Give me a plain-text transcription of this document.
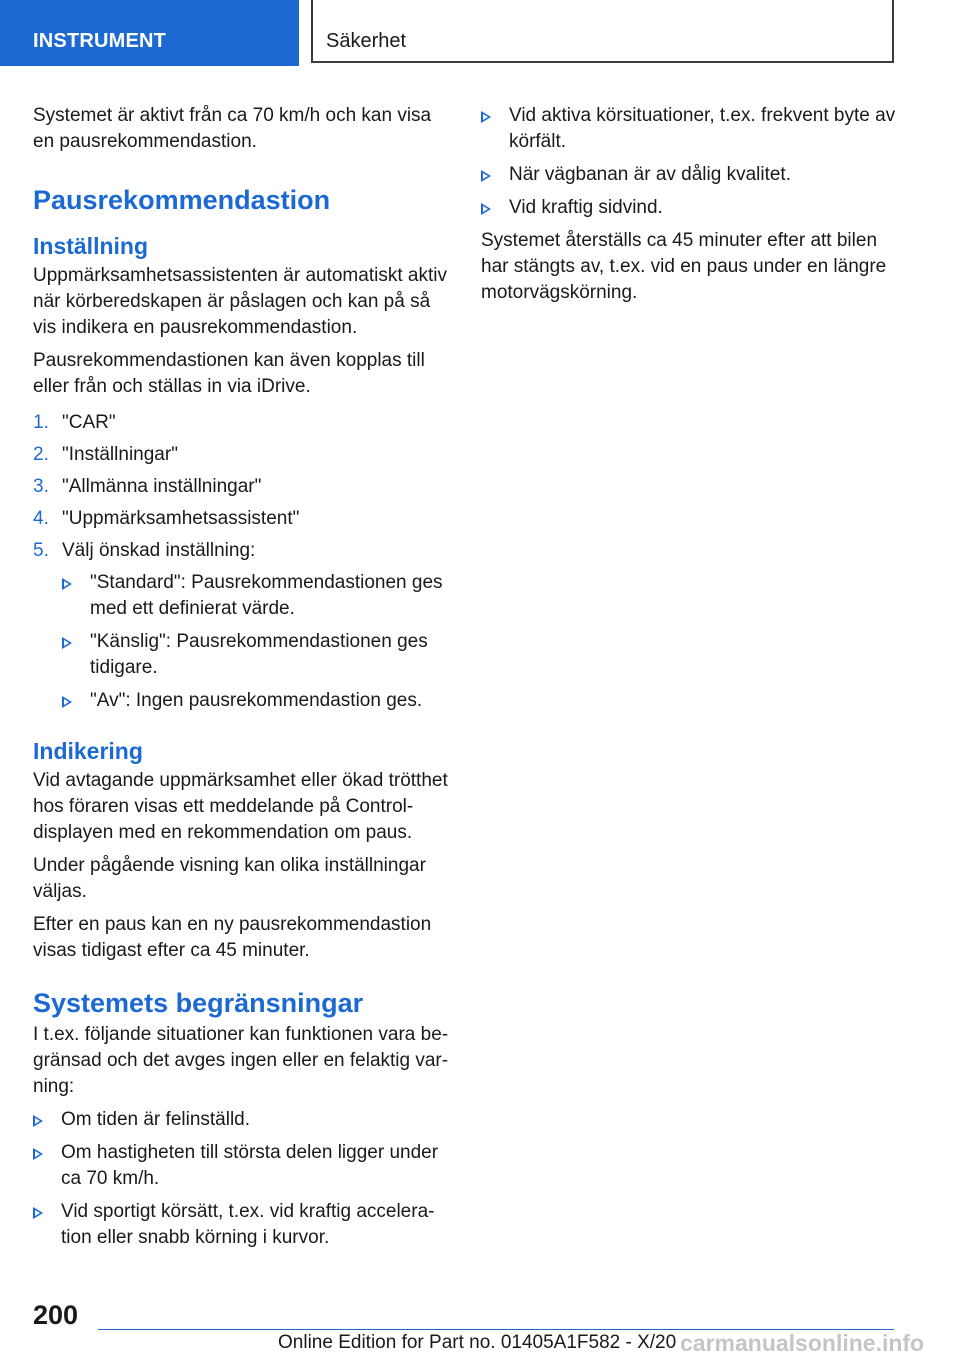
INSTRUMENT	Säkerhet

Systemet är aktivt från ca 70 km/h och kan visa en pausrekommendastion.

Pausrekommendastion
Inställning

Uppmärksamhetsassistenten är automatiskt aktiv när körberedskapen är påslagen och kan på så vis indikera en pausrekommendastion.

Pausrekommendastionen kan även kopplas till eller från och ställas in via iDrive.

1. "CAR"
2. "Inställningar"
3. "Allmänna inställningar"
4. "Uppmärksamhetsassistent"
5. Välj önskad inställning:
"Standard": Pausrekommendastionen ges med ett definierat värde.
"Känslig": Pausrekommendastionen ges tidigare.
"Av": Ingen pausrekommendastion ges.
Indikering

Vid avtagande uppmärksamhet eller ökad trötthet hos föraren visas ett meddelande på Control-displayen med en rekommendation om paus.

Under pågående visning kan olika inställningar väljas.

Efter en paus kan en ny pausrekommendastion visas tidigast efter ca 45 minuter.

Systemets begränsningar

I t.ex. följande situationer kan funktionen vara begränsad och det avges ingen eller en felaktig varning:

Om tiden är felinställd.
Om hastigheten till största delen ligger under ca 70 km/h.
Vid sportigt körsätt, t.ex. vid kraftig acceleration eller snabb körning i kurvor.
Vid aktiva körsituationer, t.ex. frekvent byte av körfält.
När vägbanan är av dålig kvalitet.
Vid kraftig sidvind.

Systemet återställs ca 45 minuter efter att bilen har stängts av, t.ex. vid en paus under en längre motorvägskörning.

200
Online Edition for Part no. 01405A1F582 - X/20 carmanualsonline.info
